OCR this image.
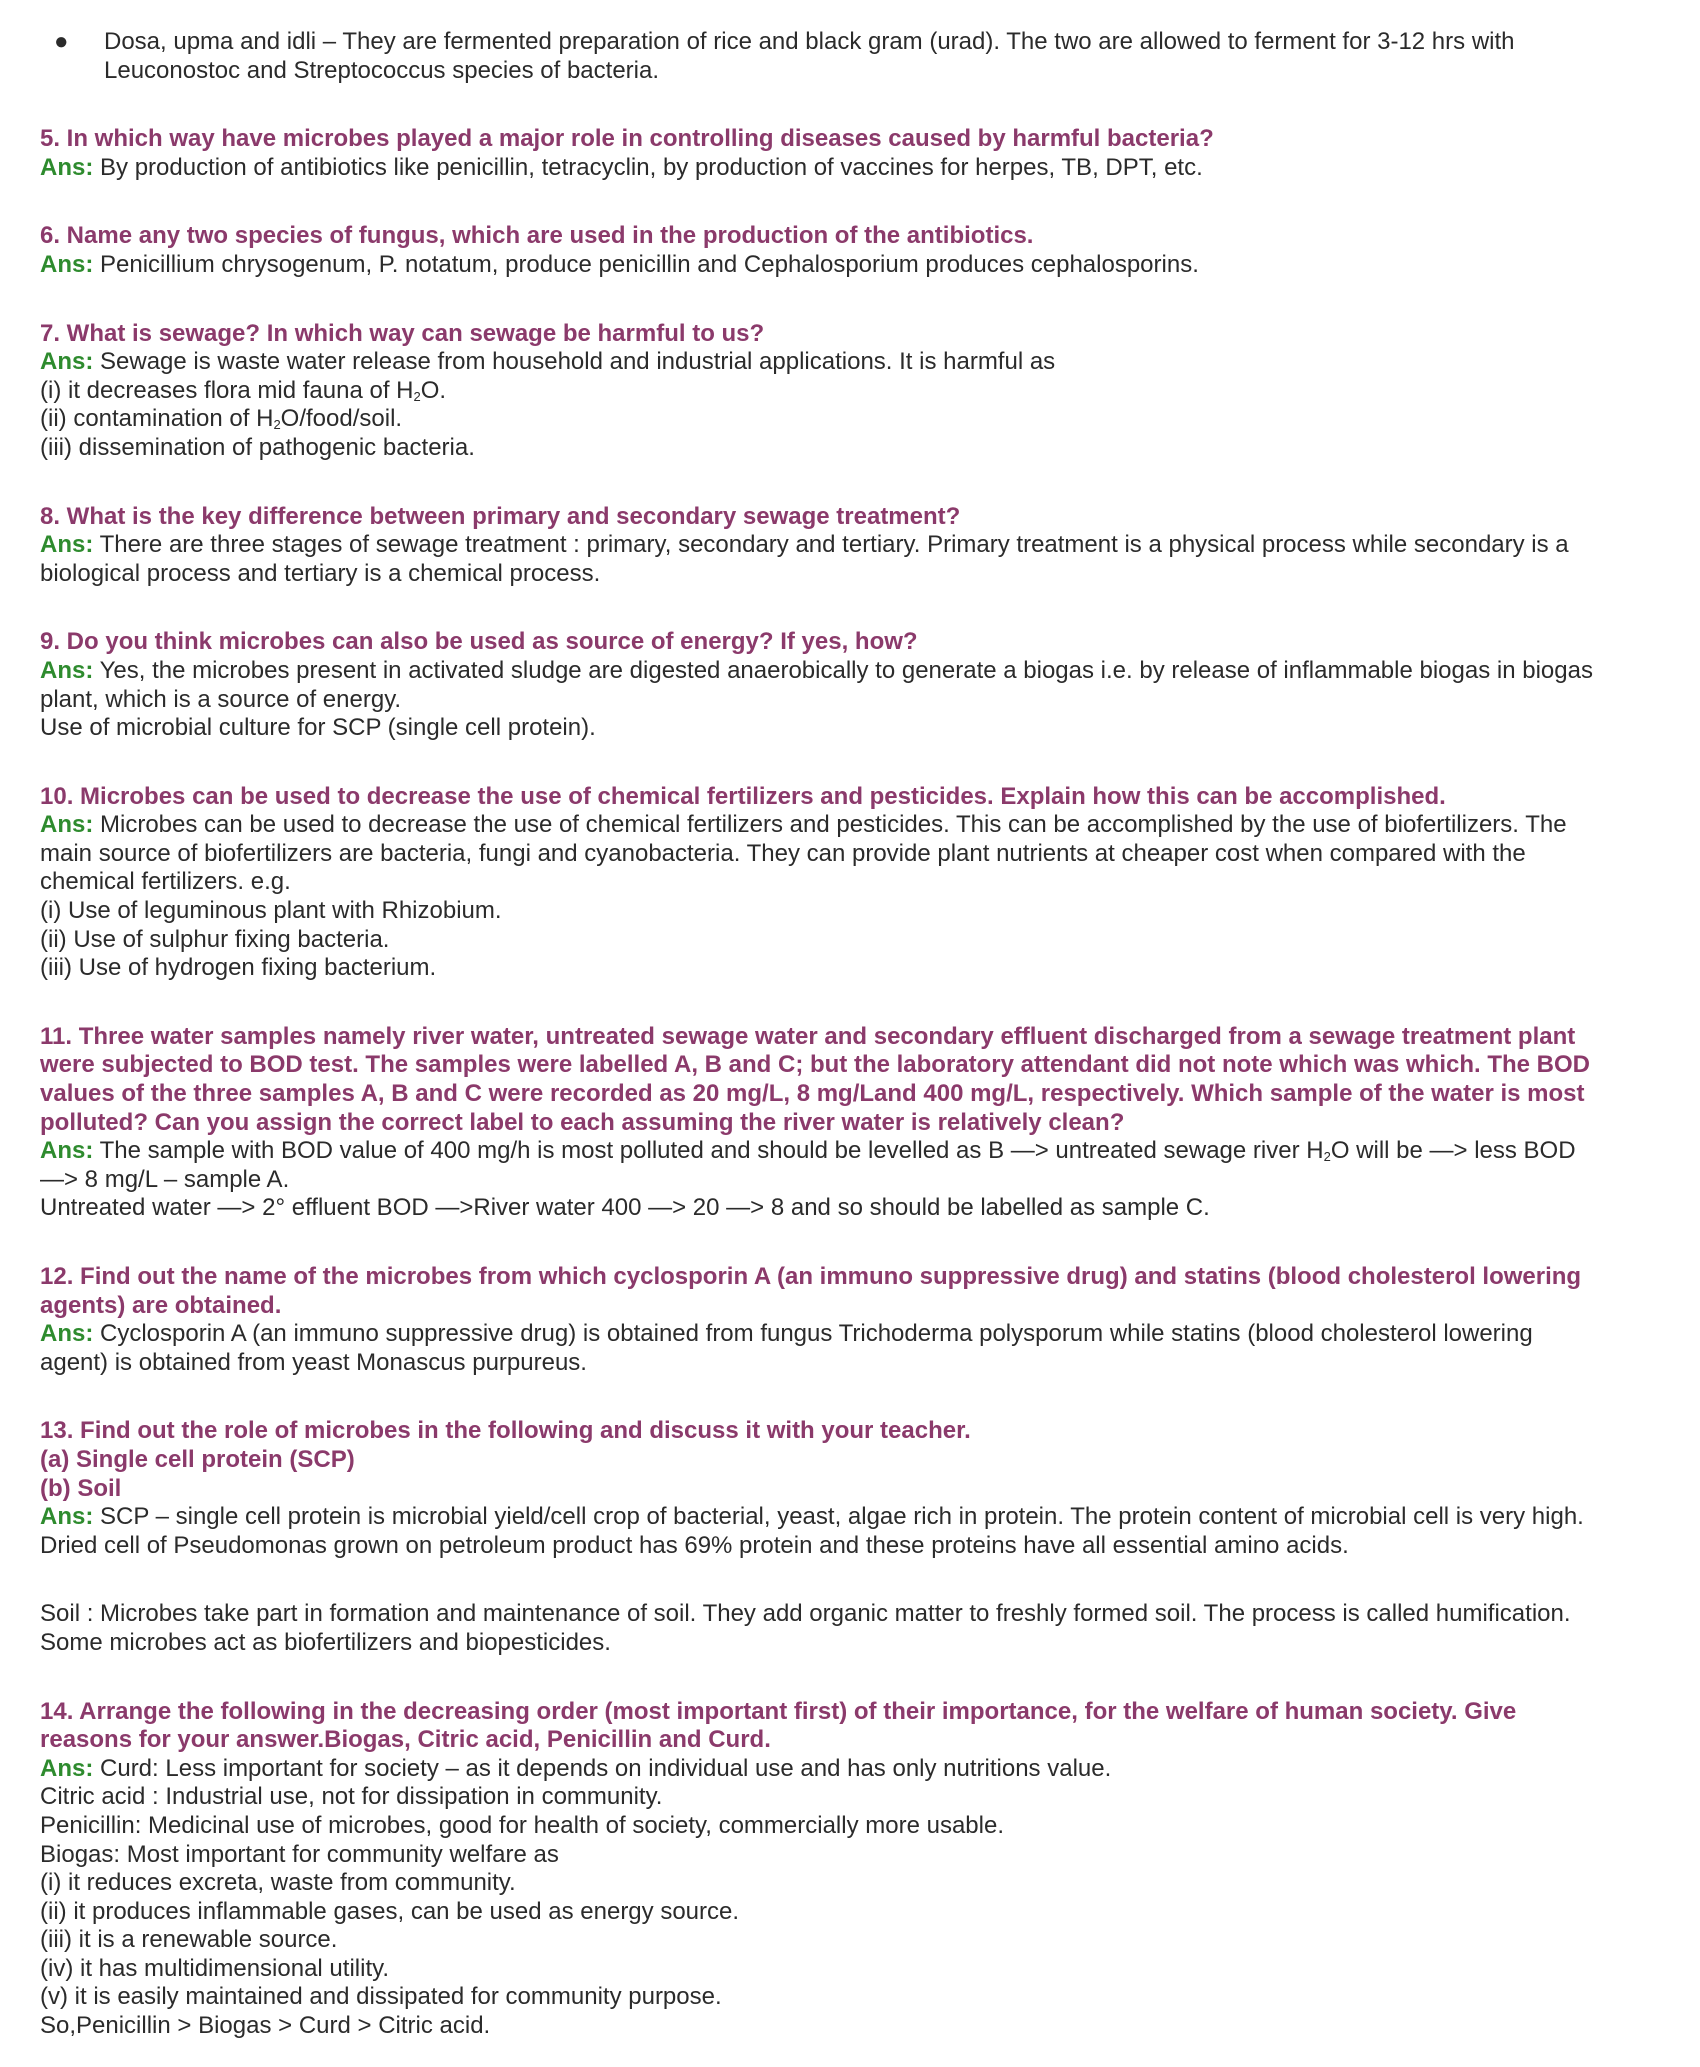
●	Dosa, upma and idli – They are fermented preparation of rice and black gram (urad). The two are allowed to ferment for 3-12 hrs with
Leuconostoc and Streptococcus species of bacteria.
5. In which way have microbes played a major role in controlling diseases caused by harmful bacteria?
Ans: By production of antibiotics like penicillin, tetracyclin, by production of vaccines for herpes, TB, DPT, etc.
6. Name any two species of fungus, which are used in the production of the antibiotics.
Ans: Penicillium chrysogenum, P. notatum, produce penicillin and Cephalosporium produces cephalosporins.
7. What is sewage? In which way can sewage be harmful to us?
Ans: Sewage is waste water release from household and industrial applications. It is harmful as
(i) it decreases flora mid fauna of $H_2O$.
(ii) contamination of $H_2O/food$/soil.
(iii) dissemination of pathogenic bacteria.
8. What is the key difference between primary and secondary sewage treatment?
Ans: There are three stages of sewage treatment : primary, secondary and tertiary. Primary treatment is a physical process while secondary is a
biological process and tertiary is a chemical process.
9. Do you think microbes can also be used as source of energy? If yes, how?
Ans: Yes, the microbes present in activated sludge are digested anaerobically to generate a biogas i.e. by release of inflammable biogas in biogas
plant, which is a source of energy.
Use of microbial culture for SCP (single cell protein).
10. Microbes can be used to decrease the use of chemical fertilizers and pesticides. Explain how this can be accomplished.
Ans: Microbes can be used to decrease the use of chemical fertilizers and pesticides. This can be accomplished by the use of biofertilizers. The
main source of biofertilizers are bacteria, fungi and cyanobacteria. They can provide plant nutrients at cheaper cost when compared with the
chemical fertilizers. e.g.
(i) Use of leguminous plant with Rhizobium.
(ii) Use of sulphur fixing bacteria.
(iii) Use of hydrogen fixing bacterium.
11. Three water samples namely river water, untreated sewage water and secondary effluent discharged from a sewage treatment plant
were subjected to BOD test. The samples were labelled A, B and C; but the laboratory attendant did not note which was which. The BOD
values of the three samples A, B and C were recorded as 20 mg/L, 8 mg/Land 400 mg/L, respectively. Which sample of the water is most
polluted? Can you assign the correct label to each assuming the river water is relatively clean?
Ans: The sample with BOD value of 400 mg/h is most polluted and should be levelled as B —> untreated sewage river $H_2O$ will be —> less BOD
—> 8 mg/L – sample A.
Untreated water —> 2° effluent BOD —>River water 400 —> 20 —> 8 and so should be labelled as sample C.
12. Find out the name of the microbes from which cyclosporin A (an immuno suppressive drug) and statins (blood cholesterol lowering
agents) are obtained.
Ans: Cyclosporin A (an immuno suppressive drug) is obtained from fungus Trichoderma polysporum while statins (blood cholesterol lowering
agent) is obtained from yeast Monascus purpureus.
13. Find out the role of microbes in the following and discuss it with your teacher.
(a) Single cell protein (SCP)
(b) Soil
Ans: SCP – single cell protein is microbial yield/cell crop of bacterial, yeast, algae rich in protein. The protein content of microbial cell is very high.
Dried cell of Pseudomonas grown on petroleum product has 69% protein and these proteins have all essential amino acids.
Soil : Microbes take part in formation and maintenance of soil. They add organic matter to freshly formed soil. The process is called humification.
Some microbes act as biofertilizers and biopesticides.
14. Arrange the following in the decreasing order (most important first) of their importance, for the welfare of human society. Give
reasons for your answer.Biogas, Citric acid, Penicillin and Curd.
Ans: Curd: Less important for society – as it depends on individual use and has only nutritions value.
Citric acid : Industrial use, not for dissipation in community.
Penicillin: Medicinal use of microbes, good for health of society, commercially more usable.
Biogas: Most important for community welfare as
(i) it reduces excreta, waste from community.
(ii) it produces inflammable gases, can be used as energy source.
(iii) it is a renewable source.
(iv) it has multidimensional utility.
(v) it is easily maintained and dissipated for community purpose.
So,Penicillin > Biogas > Curd > Citric acid.
